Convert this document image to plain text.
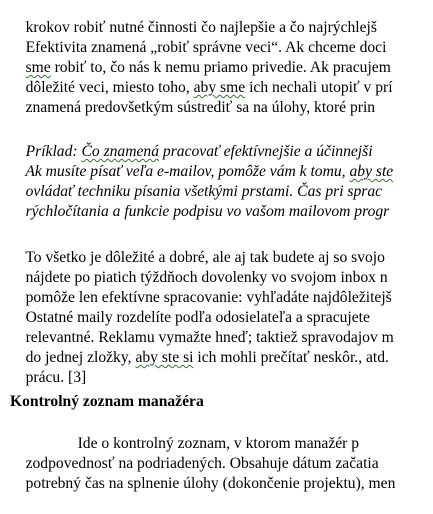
krokov robiť nutné činnosti čo najlepšie a čo najrýchlejš

Efektivita znamená „robiť správne veci“. Ak chceme doci

sme robiť to, čo nás k nemu priamo privedie. Ak pracujem

dôležité veci, miesto toho, aby sme ich nechali utopiť v prí

znamená predovšetkým sústrediť sa na úlohy, ktoré prin

Príklad: Čo znamená pracovať efektívnejšie a účinnejši

Ak musíte písať veľa e-mailov, pomôže vám k tomu, aby ste

ovládať techniku písania všetkými prstami. Čas pri sprac

rýchločítania a funkcie podpisu vo vašom mailovom progr

To všetko je dôležité a dobré, ale aj tak budete aj so svojo

nájdete po piatich týždňoch dovolenky vo svojom inbox n

pomôže len efektívne spracovanie: vyhľadáte najdôležitejš

Ostatné maily rozdelíte podľa odosielateľa a spracujete

relevantné. Reklamu vymažte hneď; taktiež spravodajov m

do jednej zložky, aby ste si ich mohli prečítať neskôr., atd.

prácu. [3]

Kontrolný zoznam manažéra

Ide o kontrolný zoznam, v ktorom manažér p

zodpovednosť na podriadených. Obsahuje dátum začatia

potrebný čas na splnenie úlohy (dokončenie projektu), men
